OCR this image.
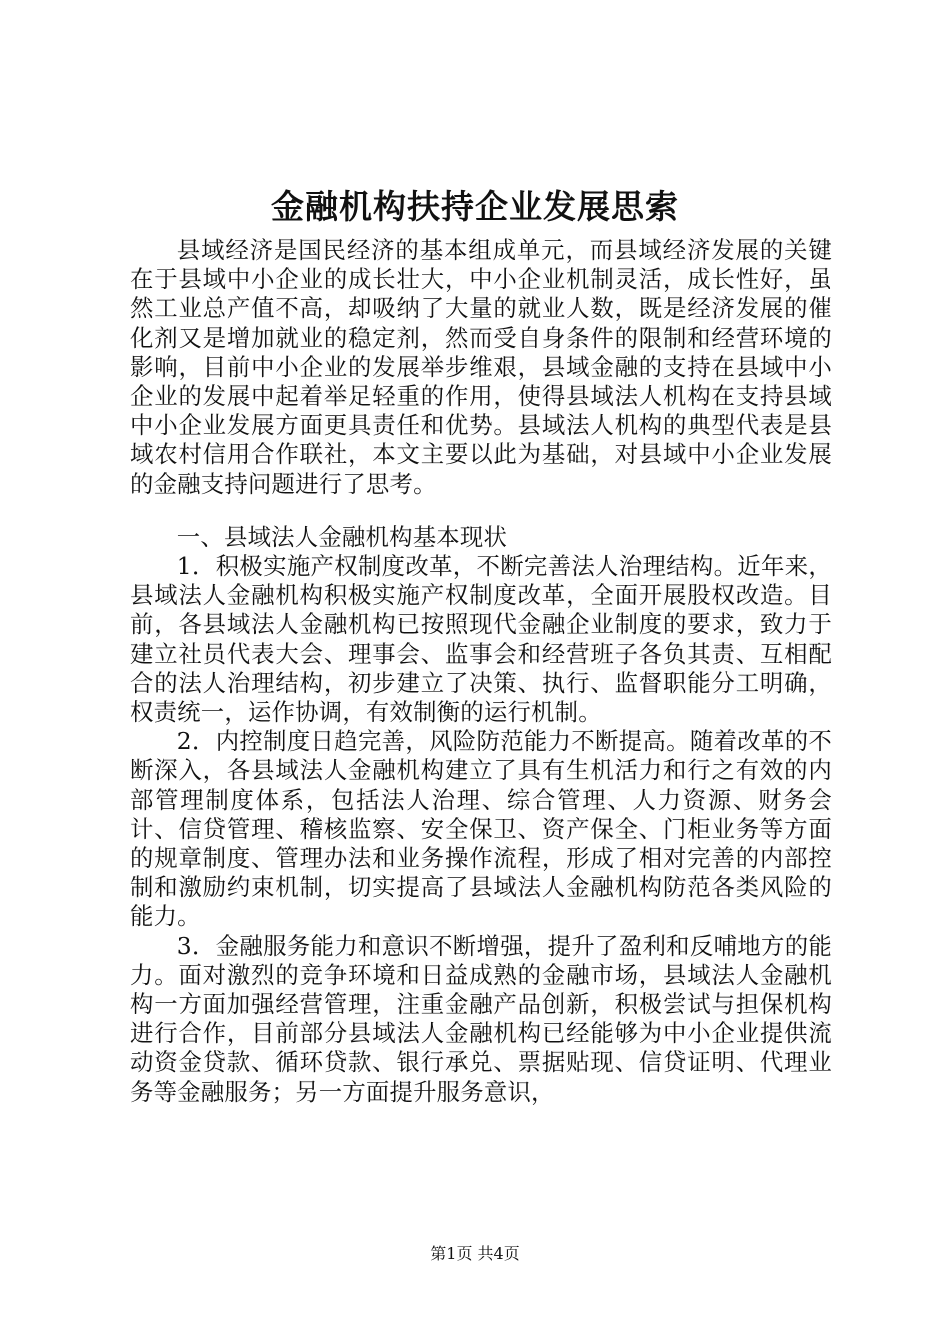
金融机构扶持企业发展思索

县域经济是国民经济的基本组成单元，而县域经济发展的关键在于县域中小企业的成长壮大，中小企业机制灵活，成长性好，虽然工业总产值不高，却吸纳了大量的就业人数，既是经济发展的催化剂又是增加就业的稳定剂，然而受自身条件的限制和经营环境的影响，目前中小企业的发展举步维艰，县域金融的支持在县域中小企业的发展中起着举足轻重的作用，使得县域法人机构在支持县域中小企业发展方面更具责任和优势。县域法人机构的典型代表是县域农村信用合作联社，本文主要以此为基础，对县域中小企业发展的金融支持问题进行了思考。

一、县域法人金融机构基本现状

1．积极实施产权制度改革，不断完善法人治理结构。近年来，县域法人金融机构积极实施产权制度改革，全面开展股权改造。目前，各县域法人金融机构已按照现代金融企业制度的要求，致力于建立社员代表大会、理事会、监事会和经营班子各负其责、互相配合的法人治理结构，初步建立了决策、执行、监督职能分工明确，权责统一，运作协调，有效制衡的运行机制。

2．内控制度日趋完善，风险防范能力不断提高。随着改革的不断深入，各县域法人金融机构建立了具有生机活力和行之有效的内部管理制度体系，包括法人治理、综合管理、人力资源、财务会计、信贷管理、稽核监察、安全保卫、资产保全、门柜业务等方面的规章制度、管理办法和业务操作流程，形成了相对完善的内部控制和激励约束机制，切实提高了县域法人金融机构防范各类风险的能力。

3．金融服务能力和意识不断增强，提升了盈利和反哺地方的能力。面对激烈的竞争环境和日益成熟的金融市场，县域法人金融机构一方面加强经营管理，注重金融产品创新，积极尝试与担保机构进行合作，目前部分县域法人金融机构已经能够为中小企业提供流动资金贷款、循环贷款、银行承兑、票据贴现、信贷证明、代理业务等金融服务；另一方面提升服务意识，

第1页 共4页
